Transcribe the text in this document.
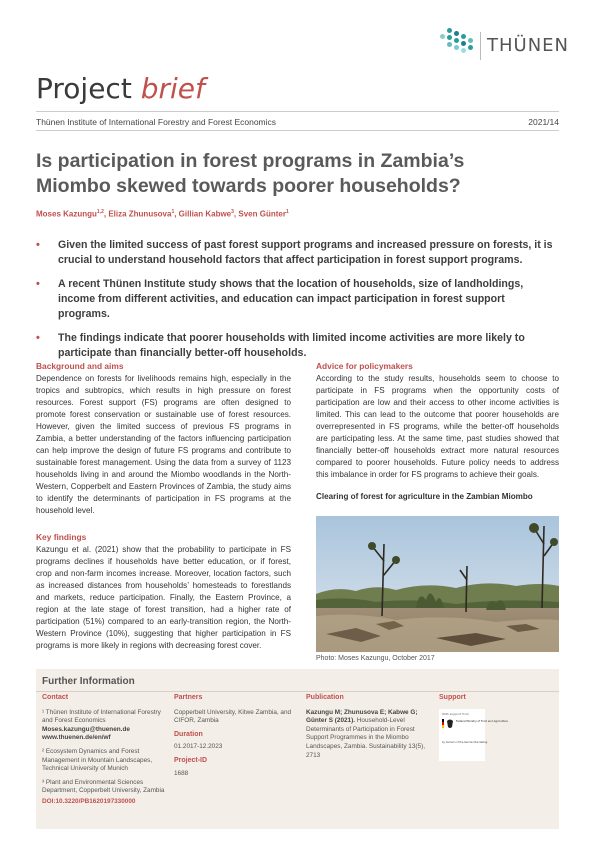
THÜNEN
Project brief
Thünen Institute of International Forestry and Forest Economics	2021/14
Is participation in forest programs in Zambia’s
Miombo skewed towards poorer households?
Moses Kazungu$^{1,2}$, Eliza Zhunusova$^1$, Gillian Kabwe$^3$, Sven Günter$^1$
• Given the limited success of past forest support programs and increased pressure on forests, it is crucial to understand household factors that affect participation in forest support programs.
• A recent Thünen Institute study shows that the location of households, size of landholdings, income from different activities, and education can impact participation in forest support programs.
• The findings indicate that poorer households with limited income activities are more likely to participate than financially better-off households.
Background and aims

Dependence on forests for livelihoods remains high, especially in the tropics and subtropics, which results in high pressure on forest resources. Forest support (FS) programs are often designed to promote forest conservation or sustainable use of forest resources. However, given the limited success of previous FS programs in Zambia, a better understanding of the factors influencing participation can help improve the design of future FS programs and contribute to sustainable forest management. Using the data from a survey of 1123 households living in and around the Miombo woodlands in the North-Western, Copperbelt and Eastern Provinces of Zambia, the study aims to identify the determinants of participation in FS programs at the household level.

Key findings

Kazungu et al. (2021) show that the probability to participate in FS programs declines if households have better education, or if forest, crop and non-farm incomes increase. Moreover, location factors, such as increased distances from households’ homesteads to forestlands and markets, reduce participation. Finally, the Eastern Province, a region at the late stage of forest transition, had a higher rate of participation (51%) compared to an early-transition region, the North-Western Province (10%), suggesting that higher participation in FS programs is more likely in regions with decreasing forest cover.

Advice for policymakers

According to the study results, households seem to choose to participate in FS programs when the opportunity costs of participation are low and their access to other income activities is limited. This can lead to the outcome that poorer households are overrepresented in FS programs, while the better-off households are participating less. At the same time, past studies showed that financially better-off households extract more natural resources compared to poorer households. Future policy needs to address this imbalance in order for FS programs to achieve their goals.

Clearing of forest for agriculture in the Zambian Miombo

Photo: Moses Kazungu, October 2017
Further Information
Contact

¹ Thünen Institute of International Forestry and Forest Economics
Moses.kazungu@thuenen.de
www.thuenen.de/en/wf

² Ecosystem Dynamics and Forest Management in Mountain Landscapes, Technical University of Munich

³ Plant and Environmental Sciences Department, Copperbelt University, Zambia

DOI:10.3220/PB1620197330000

Partners

Copperbelt University, Kitwe Zambia, and CIFOR, Zambia

Duration

01.2017-12.2023

Project-ID

1688

Publication

Kazungu M; Zhunusova E; Kabwe G; Günter S (2021). Household-Level Determinants of Participation in Forest Support Programmes in the Miombo Landscapes, Zambia. Sustainability 13(5), 2713

Support
With support from
Federal Ministry of Food and Agriculture
by decision of the German Bundestag
